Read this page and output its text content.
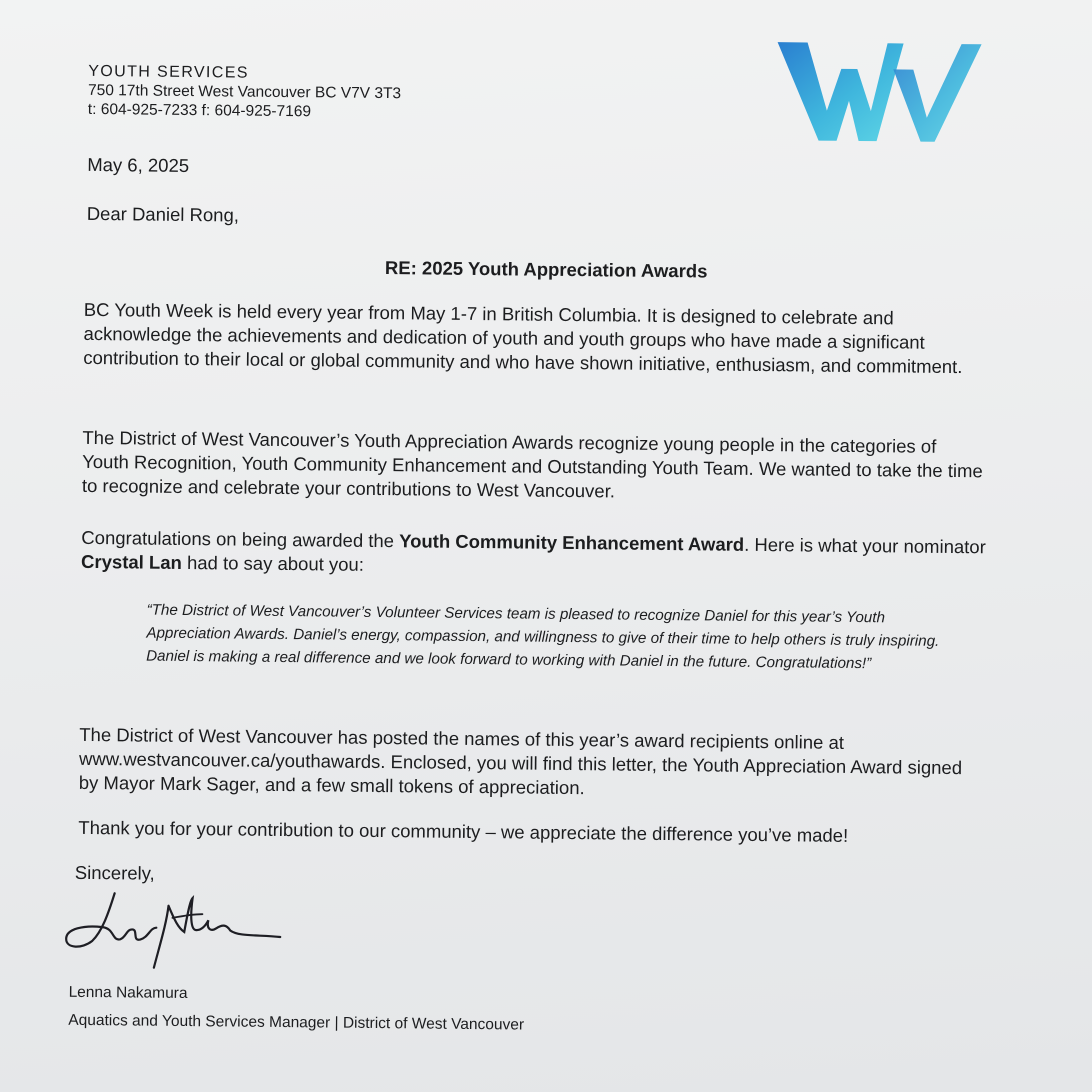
YOUTH SERVICES
750 17th Street West Vancouver BC V7V 3T3
t: 604-925-7233 f: 604-925-7169

May 6, 2025

Dear Daniel Rong,

RE: 2025 Youth Appreciation Awards

BC Youth Week is held every year from May 1-7 in British Columbia. It is designed to celebrate and acknowledge the achievements and dedication of youth and youth groups who have made a significant contribution to their local or global community and who have shown initiative, enthusiasm, and commitment.

The District of West Vancouver’s Youth Appreciation Awards recognize young people in the categories of Youth Recognition, Youth Community Enhancement and Outstanding Youth Team. We wanted to take the time to recognize and celebrate your contributions to West Vancouver.

Congratulations on being awarded the Youth Community Enhancement Award. Here is what your nominator Crystal Lan had to say about you:

“The District of West Vancouver’s Volunteer Services team is pleased to recognize Daniel for this year’s Youth Appreciation Awards. Daniel’s energy, compassion, and willingness to give of their time to help others is truly inspiring. Daniel is making a real difference and we look forward to working with Daniel in the future. Congratulations!”

The District of West Vancouver has posted the names of this year’s award recipients online at www.westvancouver.ca/youthawards. Enclosed, you will find this letter, the Youth Appreciation Award signed by Mayor Mark Sager, and a few small tokens of appreciation.

Thank you for your contribution to our community – we appreciate the difference you’ve made!

Sincerely,

Lenna Nakamura

Aquatics and Youth Services Manager | District of West Vancouver
